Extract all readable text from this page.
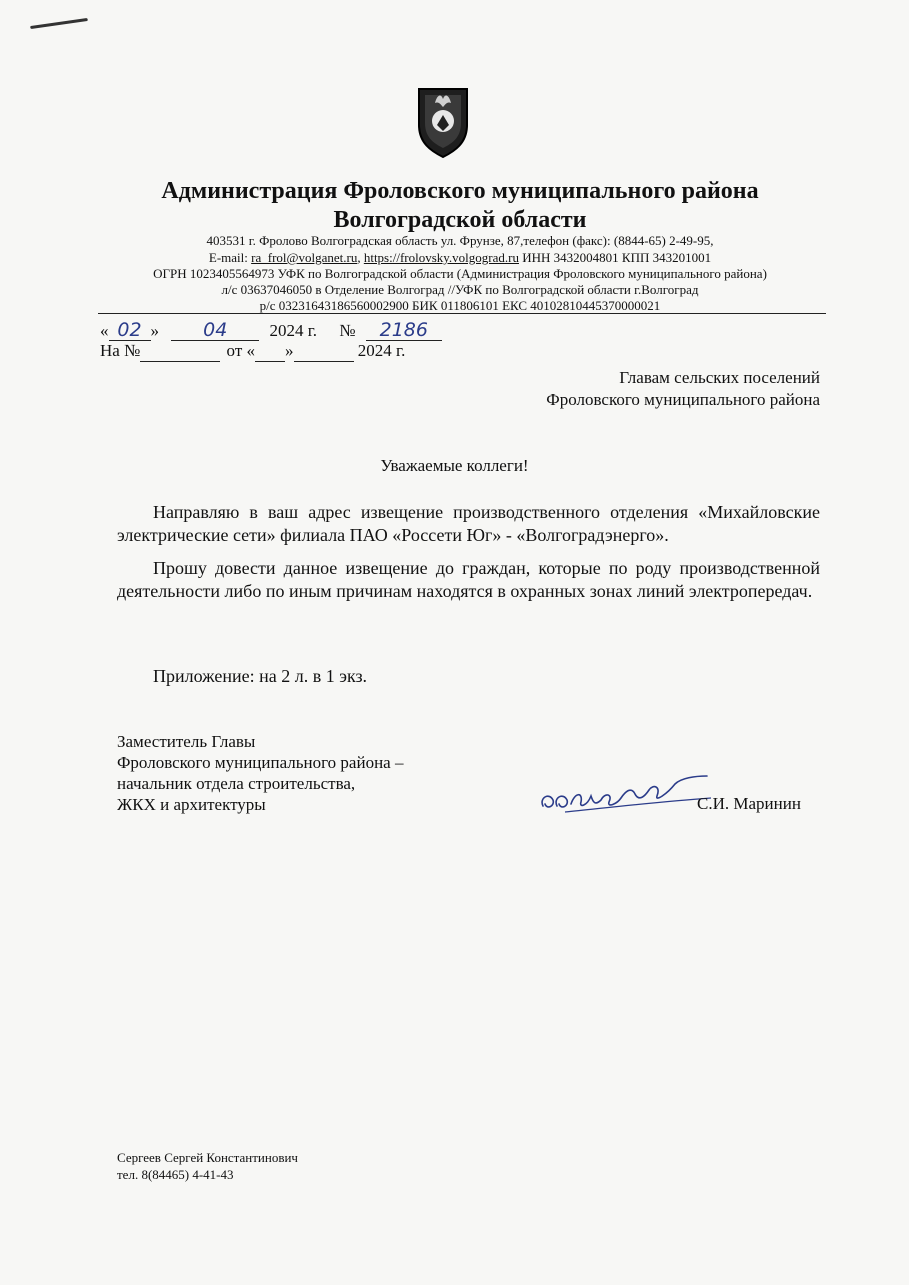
Администрация Фроловского муниципального района
Волгоградской области
403531 г. Фролово Волгоградская область ул. Фрунзе, 87,телефон (факс): (8844-65) 2-49-95,
E-mail: ra_frol@volganet.ru, https://frolovsky.volgograd.ru ИНН 3432004801 КПП 343201001
ОГРН 1023405564973 УФК по Волгоградской области (Администрация Фроловского муниципального района)
л/с 03637046050 в Отделение Волгоград //УФК по Волгоградской области г.Волгоград
р/с 03231643186560002900 БИК 011806101 ЕКС 40102810445370000021
« 02 » 04 2024 г. № 2186
На №	от « »	2024 г.
Главам сельских поселений
Фроловского муниципального района
Уважаемые коллеги!

Направляю в ваш адрес извещение производственного отделения «Михайловские электрические сети» филиала ПАО «Россети Юг» - «Волгоградэнерго».

Прошу довести данное извещение до граждан, которые по роду производственной деятельности либо по иным причинам находятся в охранных зонах линий электропередач.

Приложение: на 2 л. в 1 экз.
Заместитель Главы
Фроловского муниципального района –
начальник отдела строительства,
ЖКХ и архитектуры	С.И. Маринин
Сергеев Сергей Константинович
тел. 8(84465) 4-41-43
